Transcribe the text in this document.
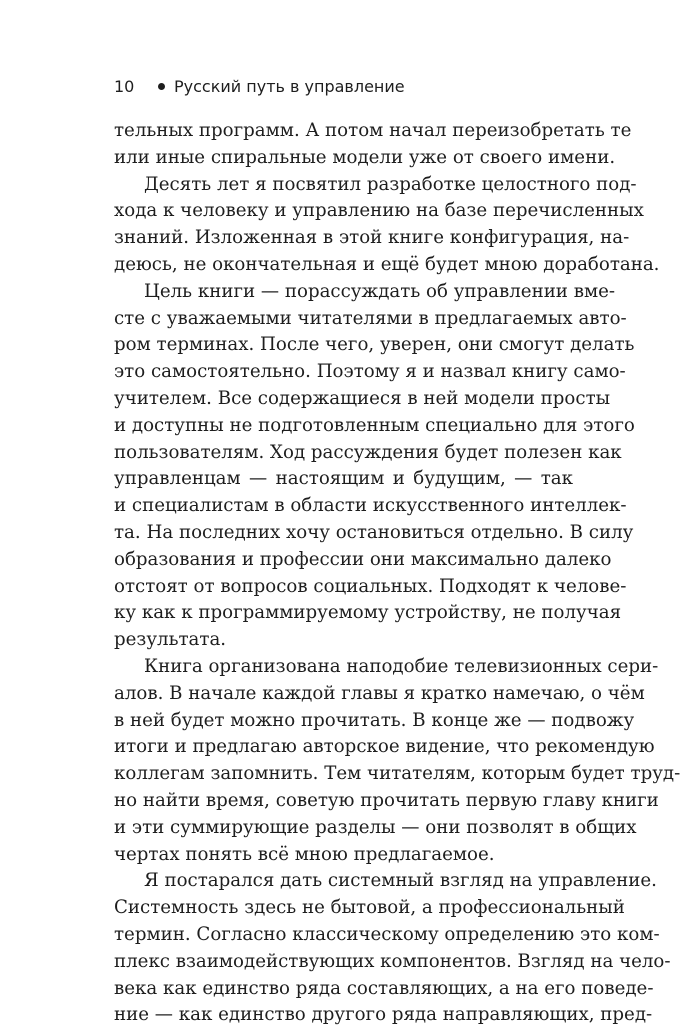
10	Русский путь в управление
тельных программ. А потом начал переизобретать те
или иные спиральные модели уже от своего имени.
Десять лет я посвятил разработке целостного под-
хода к человеку и управлению на базе перечисленных
знаний. Изложенная в этой книге конфигурация, на-
деюсь, не окончательная и ещё будет мною доработана.
Цель книги — порассуждать об управлении вме-
сте с уважаемыми читателями в предлагаемых авто-
ром терминах. После чего, уверен, они смогут делать
это самостоятельно. Поэтому я и назвал книгу само-
учителем. Все содержащиеся в ней модели просты
и доступны не подготовленным специально для этого
пользователям. Ход рассуждения будет полезен как
управленцам — настоящим и будущим, — так
и специалистам в области искусственного интеллек-
та. На последних хочу остановиться отдельно. В силу
образования и профессии они максимально далеко
отстоят от вопросов социальных. Подходят к челове-
ку как к программируемому устройству, не получая
результата.
Книга организована наподобие телевизионных сери-
алов. В начале каждой главы я кратко намечаю, о чём
в ней будет можно прочитать. В конце же — подвожу
итоги и предлагаю авторское видение, что рекомендую
коллегам запомнить. Тем читателям, которым будет труд-
но найти время, советую прочитать первую главу книги
и эти суммирующие разделы — они позволят в общих
чертах понять всё мною предлагаемое.
Я постарался дать системный взгляд на управление.
Системность здесь не бытовой, а профессиональный
термин. Согласно классическому определению это ком-
плекс взаимодействующих компонентов. Взгляд на чело-
века как единство ряда составляющих, а на его поведе-
ние — как единство другого ряда направляющих, пред-
